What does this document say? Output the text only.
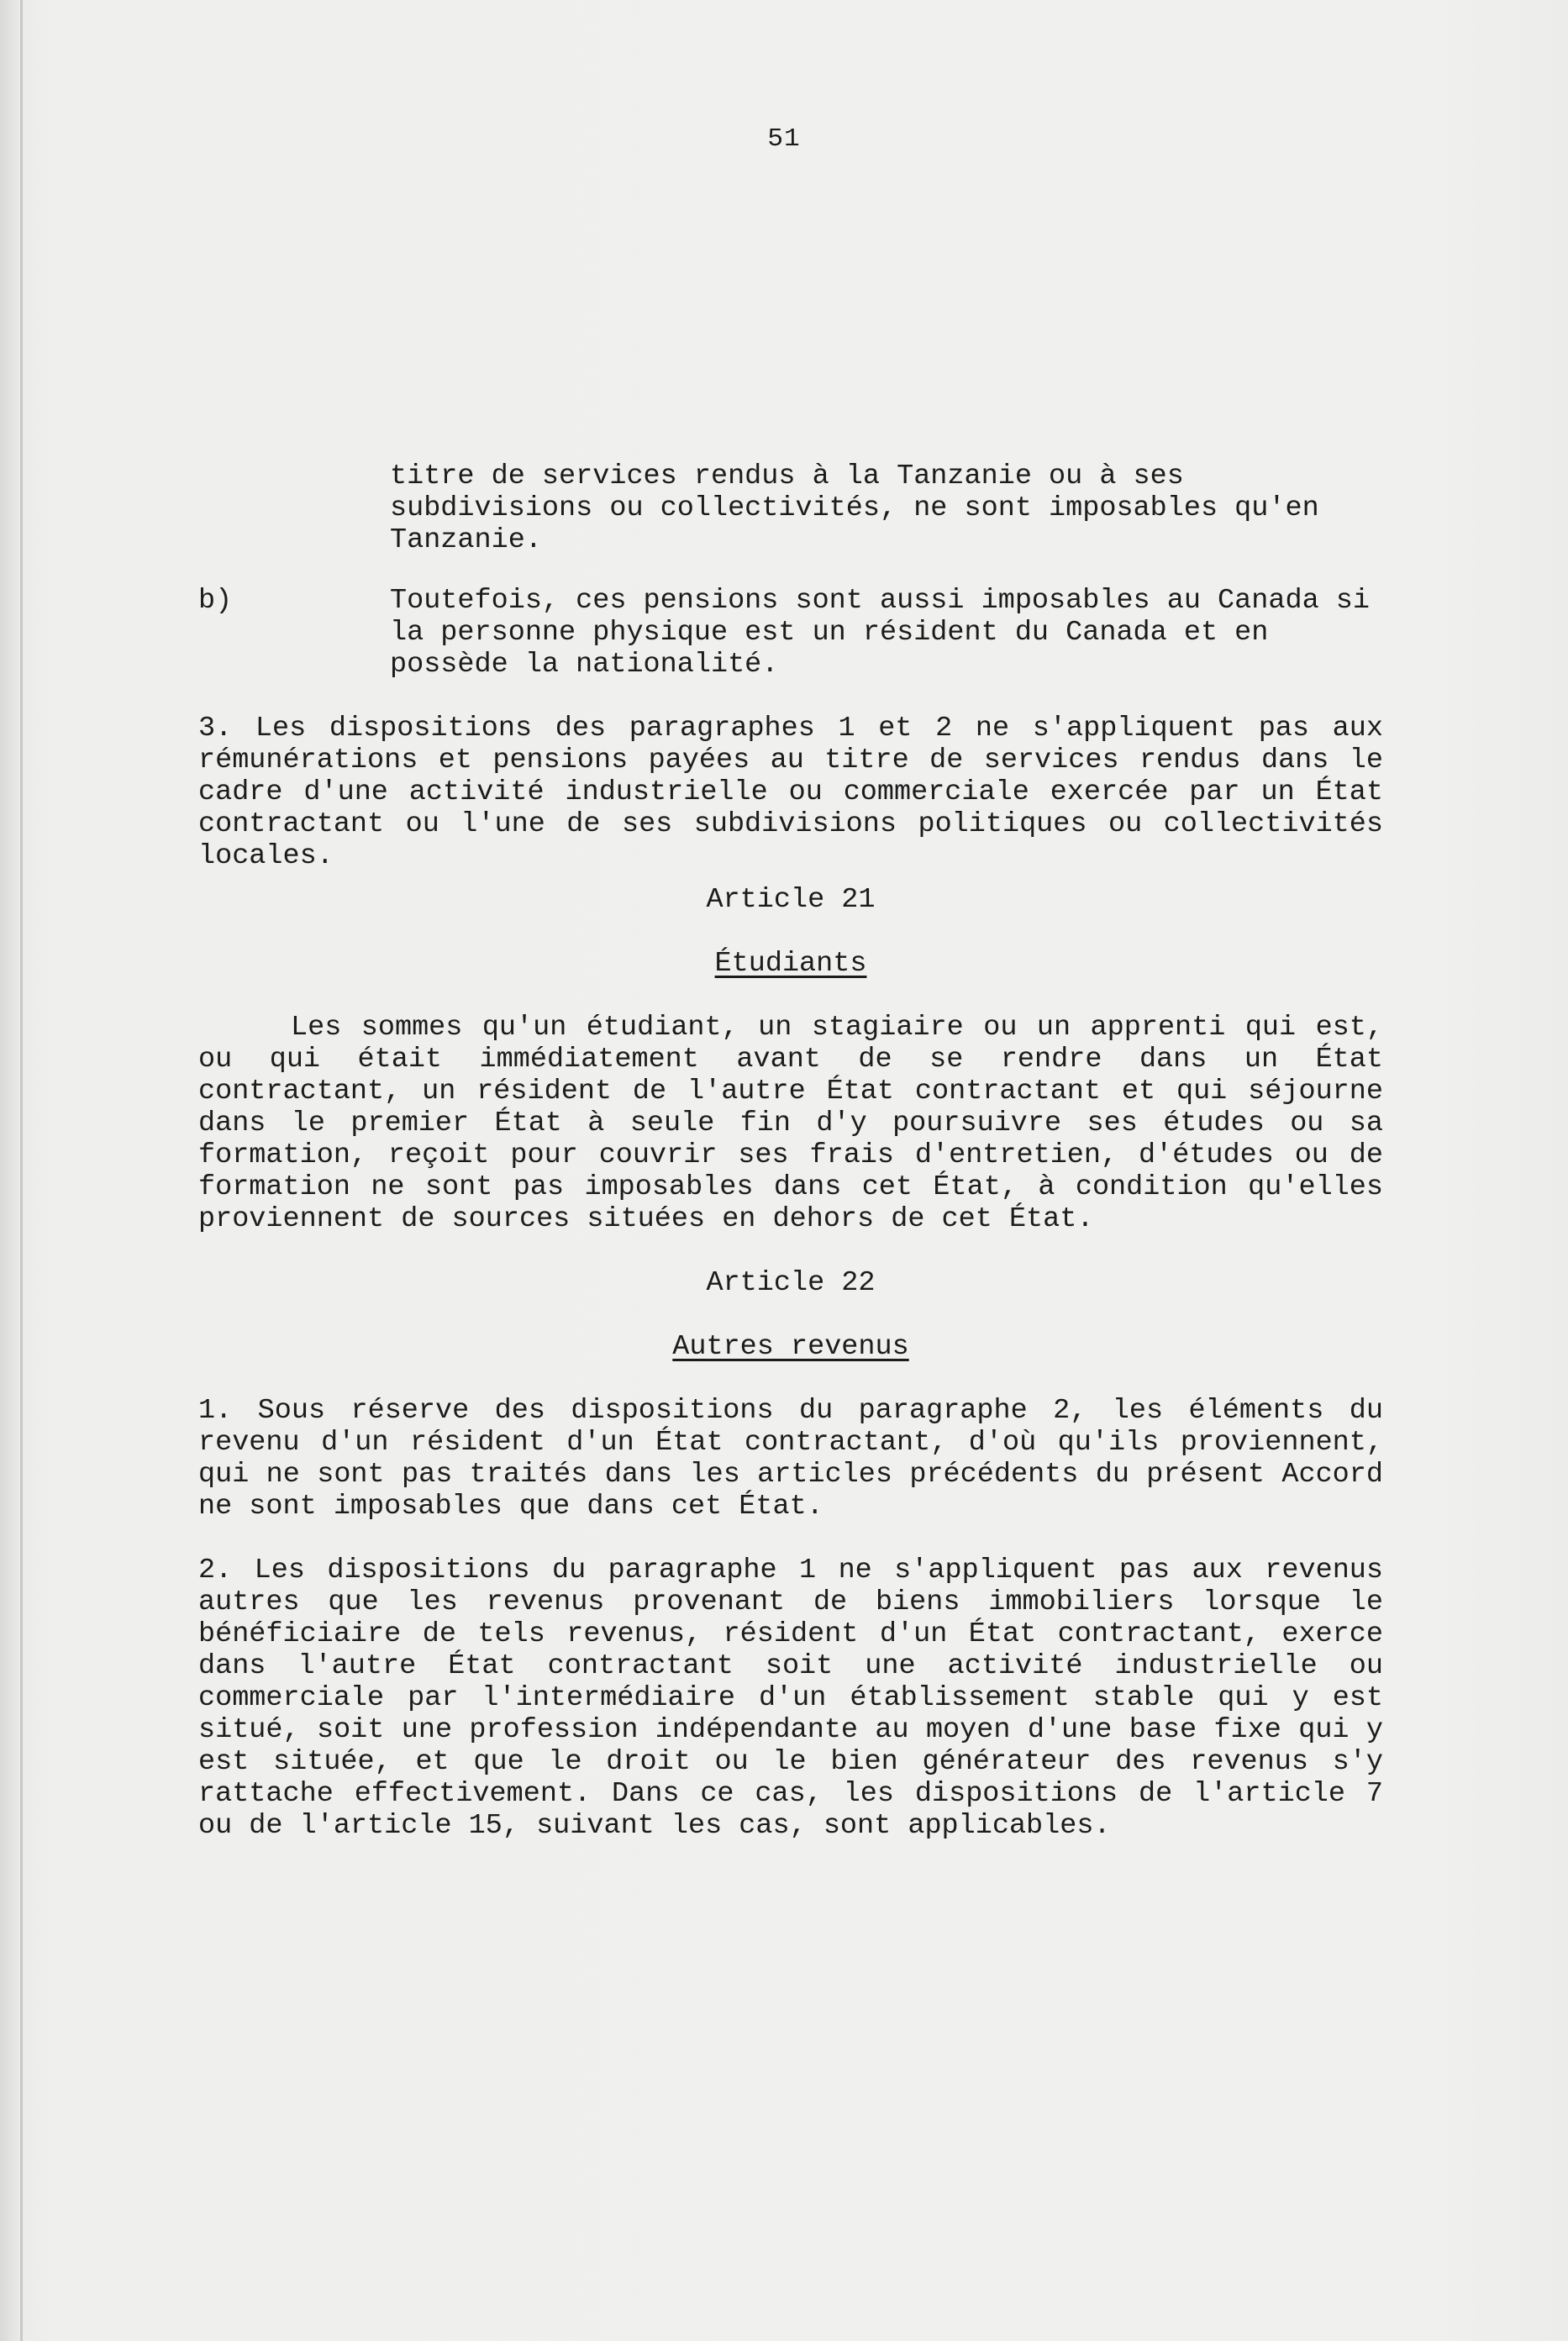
51

titre de services rendus à la Tanzanie ou à ses subdivisions ou collectivités, ne sont imposables qu'en Tanzanie.

b)	Toutefois, ces pensions sont aussi imposables au Canada si la personne physique est un résident du Canada et en possède la nationalité.

3. Les dispositions des paragraphes 1 et 2 ne s'appliquent pas aux rémunérations et pensions payées au titre de services rendus dans le cadre d'une activité industrielle ou commerciale exercée par un État contractant ou l'une de ses subdivisions politiques ou collectivités locales.

Article 21

Étudiants

Les sommes qu'un étudiant, un stagiaire ou un apprenti qui est, ou qui était immédiatement avant de se rendre dans un État contractant, un résident de l'autre État contractant et qui séjourne dans le premier État à seule fin d'y poursuivre ses études ou sa formation, reçoit pour couvrir ses frais d'entretien, d'études ou de formation ne sont pas imposables dans cet État, à condition qu'elles proviennent de sources situées en dehors de cet État.

Article 22

Autres revenus

1. Sous réserve des dispositions du paragraphe 2, les éléments du revenu d'un résident d'un État contractant, d'où qu'ils proviennent, qui ne sont pas traités dans les articles précédents du présent Accord ne sont imposables que dans cet État.

2. Les dispositions du paragraphe 1 ne s'appliquent pas aux revenus autres que les revenus provenant de biens immobiliers lorsque le bénéficiaire de tels revenus, résident d'un État contractant, exerce dans l'autre État contractant soit une activité industrielle ou commerciale par l'intermédiaire d'un établissement stable qui y est situé, soit une profession indépendante au moyen d'une base fixe qui y est située, et que le droit ou le bien générateur des revenus s'y rattache effectivement. Dans ce cas, les dispositions de l'article 7 ou de l'article 15, suivant les cas, sont applicables.
